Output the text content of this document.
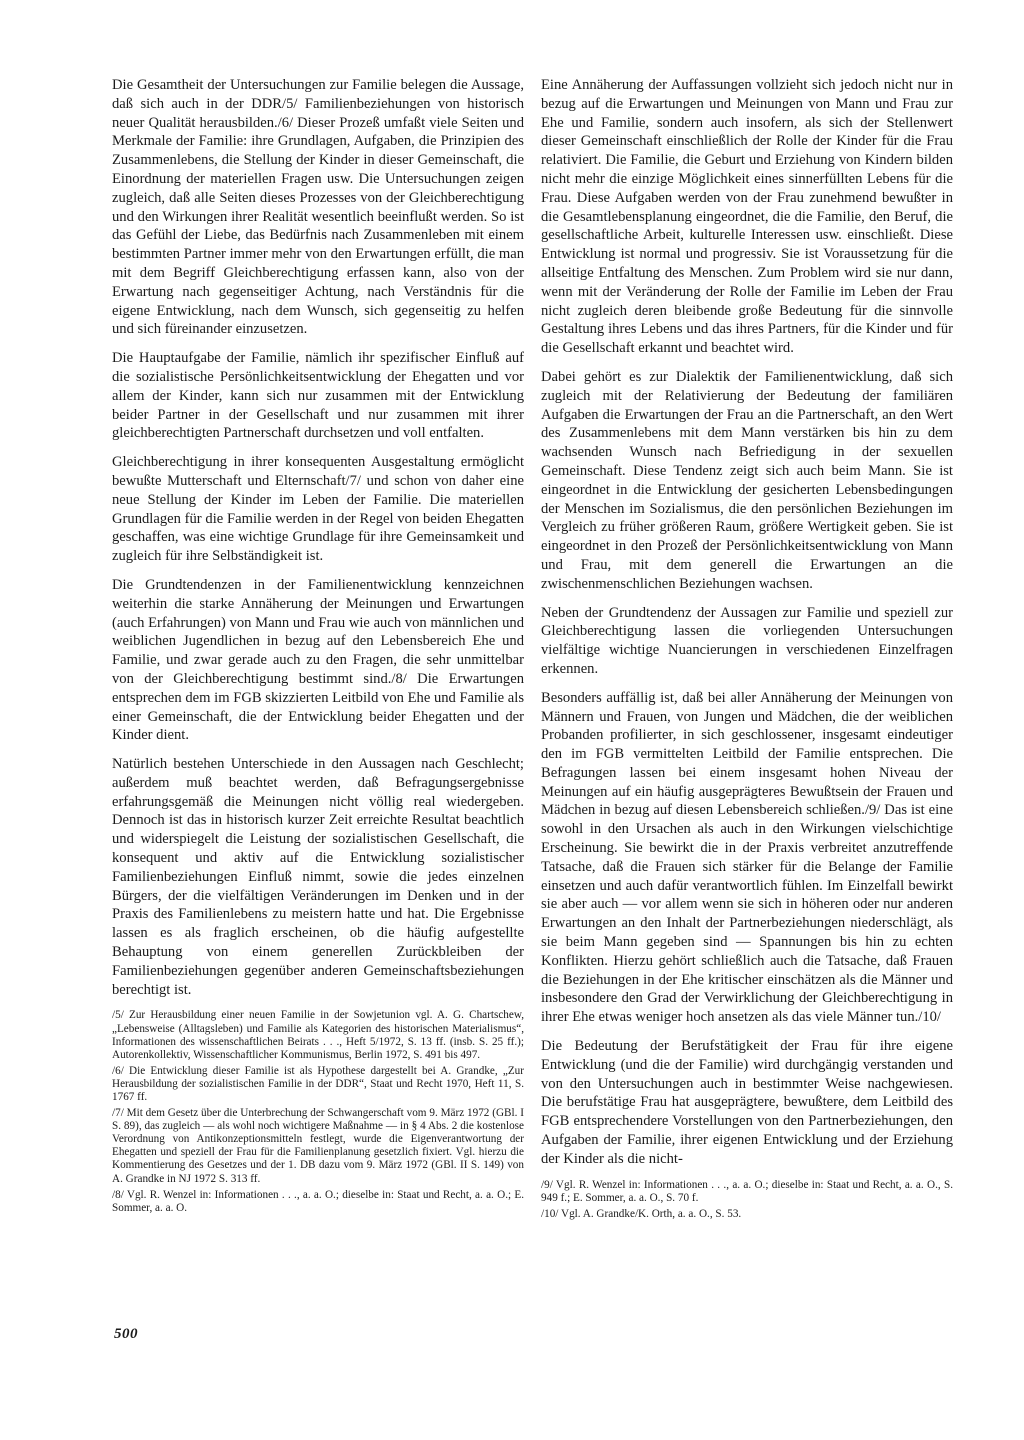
Die Gesamtheit der Untersuchungen zur Familie belegen die Aussage, daß sich auch in der DDR/5/ Familienbeziehungen von historisch neuer Qualität herausbilden./6/ Dieser Prozeß umfaßt viele Seiten und Merkmale der Familie: ihre Grundlagen, Aufgaben, die Prinzipien des Zusammenlebens, die Stellung der Kinder in dieser Gemeinschaft, die Einordnung der materiellen Fragen usw. Die Untersuchungen zeigen zugleich, daß alle Seiten dieses Prozesses von der Gleichberechtigung und den Wirkungen ihrer Realität wesentlich beeinflußt werden. So ist das Gefühl der Liebe, das Bedürfnis nach Zusammenleben mit einem bestimmten Partner immer mehr von den Erwartungen erfüllt, die man mit dem Begriff Gleichberechtigung erfassen kann, also von der Erwartung nach gegenseitiger Achtung, nach Verständnis für die eigene Entwicklung, nach dem Wunsch, sich gegenseitig zu helfen und sich füreinander einzusetzen.

Die Hauptaufgabe der Familie, nämlich ihr spezifischer Einfluß auf die sozialistische Persönlichkeitsentwicklung der Ehegatten und vor allem der Kinder, kann sich nur zusammen mit der Entwicklung beider Partner in der Gesellschaft und nur zusammen mit ihrer gleichberechtigten Partnerschaft durchsetzen und voll entfalten.

Gleichberechtigung in ihrer konsequenten Ausgestaltung ermöglicht bewußte Mutterschaft und Elternschaft/7/ und schon von daher eine neue Stellung der Kinder im Leben der Familie. Die materiellen Grundlagen für die Familie werden in der Regel von beiden Ehegatten geschaffen, was eine wichtige Grundlage für ihre Gemeinsamkeit und zugleich für ihre Selbständigkeit ist.

Die Grundtendenzen in der Familienentwicklung kennzeichnen weiterhin die starke Annäherung der Meinungen und Erwartungen (auch Erfahrungen) von Mann und Frau wie auch von männlichen und weiblichen Jugendlichen in bezug auf den Lebensbereich Ehe und Familie, und zwar gerade auch zu den Fragen, die sehr unmittelbar von der Gleichberechtigung bestimmt sind./8/ Die Erwartungen entsprechen dem im FGB skizzierten Leitbild von Ehe und Familie als einer Gemeinschaft, die der Entwicklung beider Ehegatten und der Kinder dient.

Natürlich bestehen Unterschiede in den Aussagen nach Geschlecht; außerdem muß beachtet werden, daß Befragungsergebnisse erfahrungsgemäß die Meinungen nicht völlig real wiedergeben. Dennoch ist das in historisch kurzer Zeit erreichte Resultat beachtlich und widerspiegelt die Leistung der sozialistischen Gesellschaft, die konsequent und aktiv auf die Entwicklung sozialistischer Familienbeziehungen Einfluß nimmt, sowie die jedes einzelnen Bürgers, der die vielfältigen Veränderungen im Denken und in der Praxis des Familienlebens zu meistern hatte und hat. Die Ergebnisse lassen es als fraglich erscheinen, ob die häufig aufgestellte Behauptung von einem generellen Zurückbleiben der Familienbeziehungen gegenüber anderen Gemeinschaftsbeziehungen berechtigt ist.

/5/ Zur Herausbildung einer neuen Familie in der Sowjetunion vgl. A. G. Chartschew, „Lebensweise (Alltagsleben) und Familie als Kategorien des historischen Materialismus“, Informationen des wissenschaftlichen Beirats . . ., Heft 5/1972, S. 13 ff. (insb. S. 25 ff.); Autorenkollektiv, Wissenschaftlicher Kommunismus, Berlin 1972, S. 491 bis 497.

/6/ Die Entwicklung dieser Familie ist als Hypothese dargestellt bei A. Grandke, „Zur Herausbildung der sozialistischen Familie in der DDR“, Staat und Recht 1970, Heft 11, S. 1767 ff.

/7/ Mit dem Gesetz über die Unterbrechung der Schwangerschaft vom 9. März 1972 (GBl. I S. 89), das zugleich — als wohl noch wichtigere Maßnahme — in § 4 Abs. 2 die kostenlose Verordnung von Antikonzeptionsmitteln festlegt, wurde die Eigenverantwortung der Ehegatten und speziell der Frau für die Familienplanung gesetzlich fixiert. Vgl. hierzu die Kommentierung des Gesetzes und der 1. DB dazu vom 9. März 1972 (GBl. II S. 149) von A. Grandke in NJ 1972 S. 313 ff.

/8/ Vgl. R. Wenzel in: Informationen . . ., a. a. O.; dieselbe in: Staat und Recht, a. a. O.; E. Sommer, a. a. O.

Eine Annäherung der Auffassungen vollzieht sich jedoch nicht nur in bezug auf die Erwartungen und Meinungen von Mann und Frau zur Ehe und Familie, sondern auch insofern, als sich der Stellenwert dieser Gemeinschaft einschließlich der Rolle der Kinder für die Frau relativiert. Die Familie, die Geburt und Erziehung von Kindern bilden nicht mehr die einzige Möglichkeit eines sinnerfüllten Lebens für die Frau. Diese Aufgaben werden von der Frau zunehmend bewußter in die Gesamtlebensplanung eingeordnet, die die Familie, den Beruf, die gesellschaftliche Arbeit, kulturelle Interessen usw. einschließt. Diese Entwicklung ist normal und progressiv. Sie ist Voraussetzung für die allseitige Entfaltung des Menschen. Zum Problem wird sie nur dann, wenn mit der Veränderung der Rolle der Familie im Leben der Frau nicht zugleich deren bleibende große Bedeutung für die sinnvolle Gestaltung ihres Lebens und das ihres Partners, für die Kinder und für die Gesellschaft erkannt und beachtet wird.

Dabei gehört es zur Dialektik der Familienentwicklung, daß sich zugleich mit der Relativierung der Bedeutung der familiären Aufgaben die Erwartungen der Frau an die Partnerschaft, an den Wert des Zusammenlebens mit dem Mann verstärken bis hin zu dem wachsenden Wunsch nach Befriedigung in der sexuellen Gemeinschaft. Diese Tendenz zeigt sich auch beim Mann. Sie ist eingeordnet in die Entwicklung der gesicherten Lebensbedingungen der Menschen im Sozialismus, die den persönlichen Beziehungen im Vergleich zu früher größeren Raum, größere Wertigkeit geben. Sie ist eingeordnet in den Prozeß der Persönlichkeitsentwicklung von Mann und Frau, mit dem generell die Erwartungen an die zwischenmenschlichen Beziehungen wachsen.

Neben der Grundtendenz der Aussagen zur Familie und speziell zur Gleichberechtigung lassen die vorliegenden Untersuchungen vielfältige wichtige Nuancierungen in verschiedenen Einzelfragen erkennen.

Besonders auffällig ist, daß bei aller Annäherung der Meinungen von Männern und Frauen, von Jungen und Mädchen, die der weiblichen Probanden profilierter, in sich geschlossener, insgesamt eindeutiger den im FGB vermittelten Leitbild der Familie entsprechen. Die Befragungen lassen bei einem insgesamt hohen Niveau der Meinungen auf ein häufig ausgeprägteres Bewußtsein der Frauen und Mädchen in bezug auf diesen Lebensbereich schließen./9/ Das ist eine sowohl in den Ursachen als auch in den Wirkungen vielschichtige Erscheinung. Sie bewirkt die in der Praxis verbreitet anzutreffende Tatsache, daß die Frauen sich stärker für die Belange der Familie einsetzen und auch dafür verantwortlich fühlen. Im Einzelfall bewirkt sie aber auch — vor allem wenn sie sich in höheren oder nur anderen Erwartungen an den Inhalt der Partnerbeziehungen niederschlägt, als sie beim Mann gegeben sind — Spannungen bis hin zu echten Konflikten. Hierzu gehört schließlich auch die Tatsache, daß Frauen die Beziehungen in der Ehe kritischer einschätzen als die Männer und insbesondere den Grad der Verwirklichung der Gleichberechtigung in ihrer Ehe etwas weniger hoch ansetzen als das viele Männer tun./10/

Die Bedeutung der Berufstätigkeit der Frau für ihre eigene Entwicklung (und die der Familie) wird durchgängig verstanden und von den Untersuchungen auch in bestimmter Weise nachgewiesen. Die berufstätige Frau hat ausgeprägtere, bewußtere, dem Leitbild des FGB entsprechendere Vorstellungen von den Partnerbeziehungen, den Aufgaben der Familie, ihrer eigenen Entwicklung und der Erziehung der Kinder als die nicht-

/9/ Vgl. R. Wenzel in: Informationen . . ., a. a. O.; dieselbe in: Staat und Recht, a. a. O., S. 949 f.; E. Sommer, a. a. O., S. 70 f.

/10/ Vgl. A. Grandke/K. Orth, a. a. O., S. 53.

500
